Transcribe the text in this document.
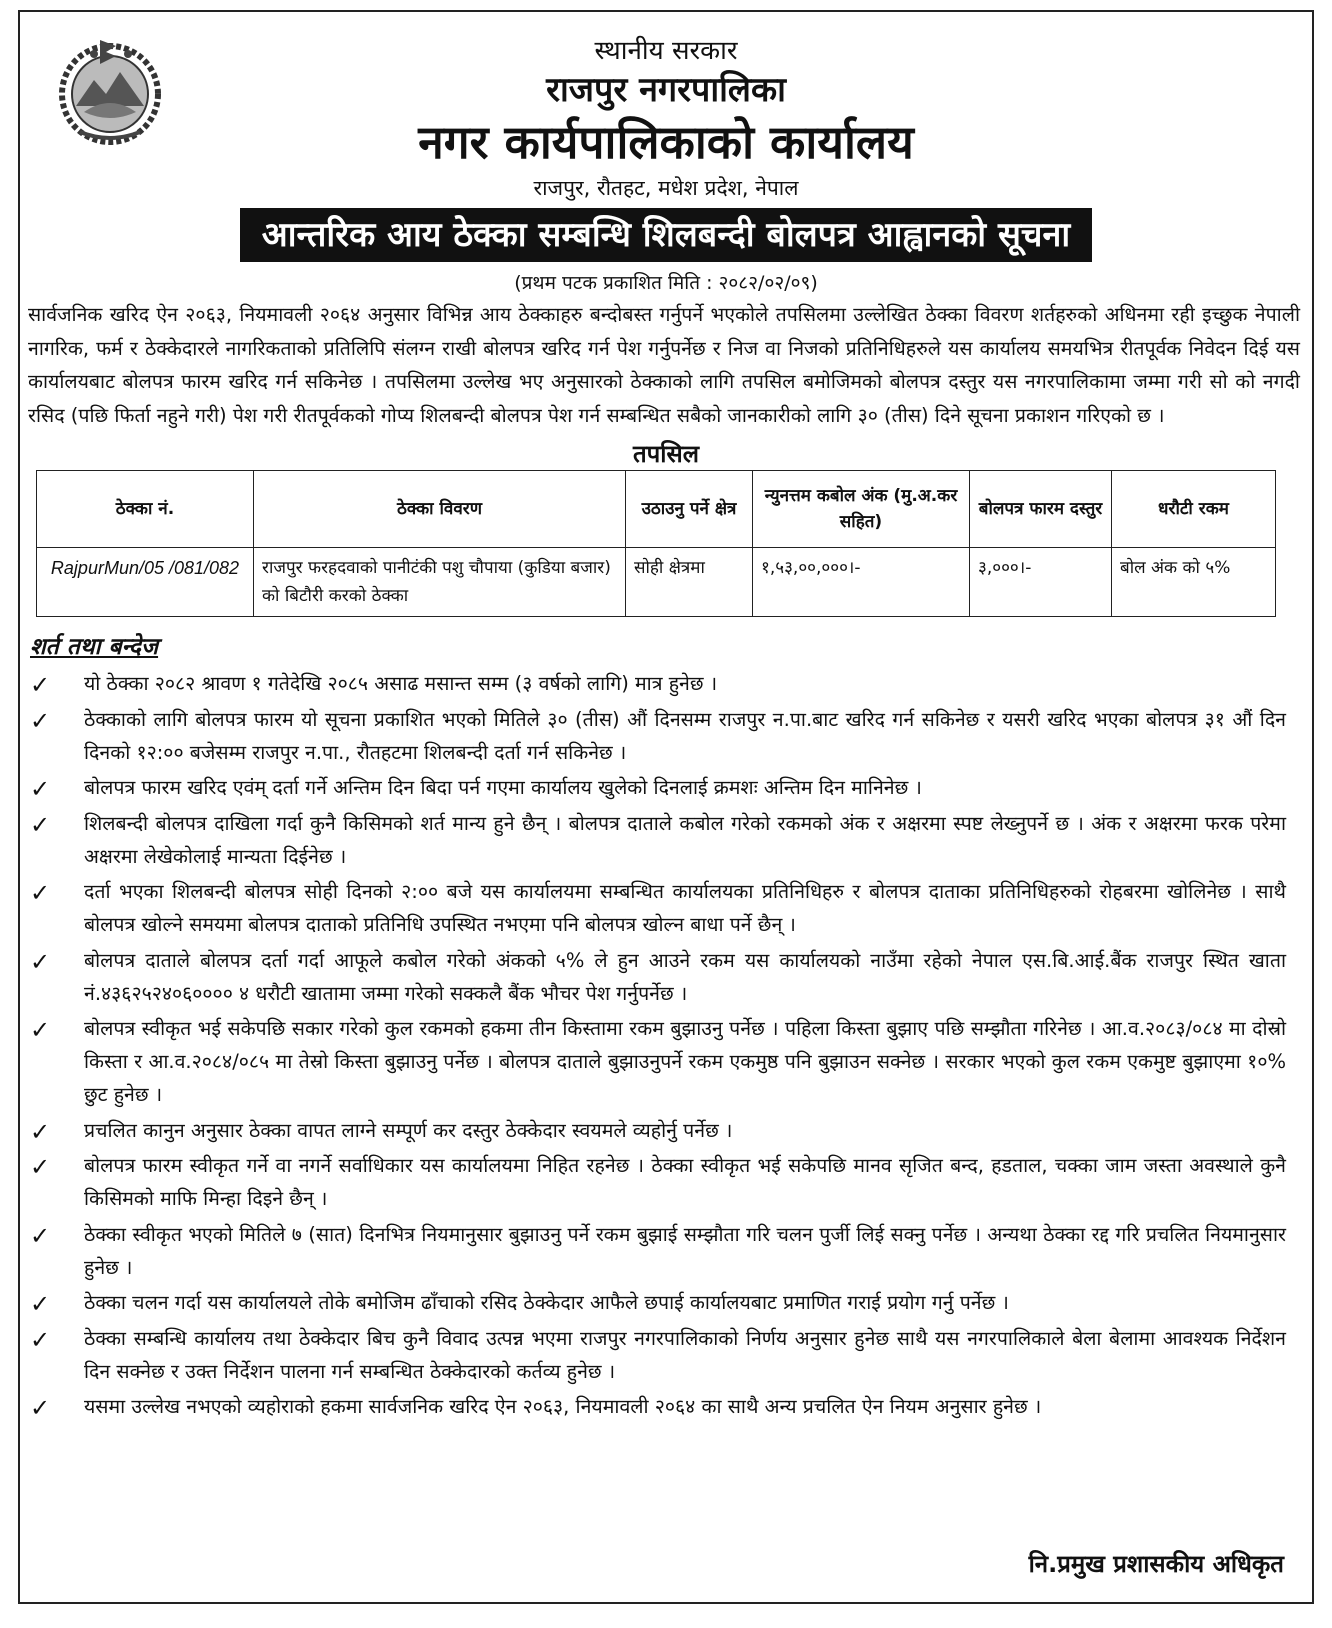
स्थानीय सरकार
राजपुर नगरपालिका
नगर कार्यपालिकाको कार्यालय
राजपुर, रौतहट, मधेश प्रदेश, नेपाल
आन्तरिक आय ठेक्का सम्बन्धि शिलबन्दी बोलपत्र आह्वानको सूचना
(प्रथम पटक प्रकाशित मिति : २०८२/०२/०९)
सार्वजनिक खरिद ऐन २०६३, नियमावली २०६४ अनुसार विभिन्न आय ठेक्काहरु बन्दोबस्त गर्नुपर्ने भएकोले तपसिलमा उल्लेखित ठेक्का विवरण शर्तहरुको अधिनमा रही इच्छुक नेपाली नागरिक, फर्म र ठेक्केदारले नागरिकताको प्रतिलिपि संलग्न राखी बोलपत्र खरिद गर्न पेश गर्नुपर्नेछ र निज वा निजको प्रतिनिधिहरुले यस कार्यालय समयभित्र रीतपूर्वक निवेदन दिई यस कार्यालयबाट बोलपत्र फारम खरिद गर्न सकिनेछ । तपसिलमा उल्लेख भए अनुसारको ठेक्काको लागि तपसिल बमोजिमको बोलपत्र दस्तुर यस नगरपालिकामा जम्मा गरी सो को नगदी रसिद (पछि फिर्ता नहुने गरी) पेश गरी रीतपूर्वकको गोप्य शिलबन्दी बोलपत्र पेश गर्न सम्बन्धित सबैको जानकारीको लागि ३० (तीस) दिने सूचना प्रकाशन गरिएको छ ।
तपसिल
ठेक्का नं.	ठेक्का विवरण	उठाउनु पर्ने क्षेत्र	न्युनत्तम कबोल अंक (मु.अ.कर सहित)	बोलपत्र फारम दस्तुर	धरौटी रकम
RajpurMun/05 /081/082	राजपुर फरहदवाको पानीटंकी पशु चौपाया (कुडिया बजार) को बिटौरी करको ठेक्का	सोही क्षेत्रमा	१,५३,००,०००।-	३,०००।-	बोल अंक को ५%
शर्त तथा बन्देज
✓ यो ठेक्का २०८२ श्रावण १ गतेदेखि २०८५ असाढ मसान्त सम्म (३ वर्षको लागि) मात्र हुनेछ ।
✓ ठेक्काको लागि बोलपत्र फारम यो सूचना प्रकाशित भएको मितिले ३० (तीस) औं दिनसम्म राजपुर न.पा.बाट खरिद गर्न सकिनेछ र यसरी खरिद भएका बोलपत्र ३१ औं दिन दिनको १२:०० बजेसम्म राजपुर न.पा., रौतहटमा शिलबन्दी दर्ता गर्न सकिनेछ ।
✓ बोलपत्र फारम खरिद एवंम् दर्ता गर्ने अन्तिम दिन बिदा पर्न गएमा कार्यालय खुलेको दिनलाई क्रमशः अन्तिम दिन मानिनेछ ।
✓ शिलबन्दी बोलपत्र दाखिला गर्दा कुनै किसिमको शर्त मान्य हुने छैन् । बोलपत्र दाताले कबोल गरेको रकमको अंक र अक्षरमा स्पष्ट लेख्नुपर्ने छ । अंक र अक्षरमा फरक परेमा अक्षरमा लेखेकोलाई मान्यता दिईनेछ ।
✓ दर्ता भएका शिलबन्दी बोलपत्र सोही दिनको २:०० बजे यस कार्यालयमा सम्बन्धित कार्यालयका प्रतिनिधिहरु र बोलपत्र दाताका प्रतिनिधिहरुको रोहबरमा खोलिनेछ । साथै बोलपत्र खोल्ने समयमा बोलपत्र दाताको प्रतिनिधि उपस्थित नभएमा पनि बोलपत्र खोल्न बाधा पर्ने छैन् ।
✓ बोलपत्र दाताले बोलपत्र दर्ता गर्दा आफूले कबोल गरेको अंकको ५% ले हुन आउने रकम यस कार्यालयको नाउँमा रहेको नेपाल एस.बि.आई.बैंक राजपुर स्थित खाता नं.४३६२५२४०६०००० ४ धरौटी खातामा जम्मा गरेको सक्कलै बैंक भौचर पेश गर्नुपर्नेछ ।
✓ बोलपत्र स्वीकृत भई सकेपछि सकार गरेको कुल रकमको हकमा तीन किस्तामा रकम बुझाउनु पर्नेछ । पहिला किस्ता बुझाए पछि सम्झौता गरिनेछ । आ.व.२०८३/०८४ मा दोस्रो किस्ता र आ.व.२०८४/०८५ मा तेस्रो किस्ता बुझाउनु पर्नेछ । बोलपत्र दाताले बुझाउनुपर्ने रकम एकमुष्ठ पनि बुझाउन सक्नेछ । सरकार भएको कुल रकम एकमुष्ट बुझाएमा १०% छुट हुनेछ ।
✓ प्रचलित कानुन अनुसार ठेक्का वापत लाग्ने सम्पूर्ण कर दस्तुर ठेक्केदार स्वयमले व्यहोर्नु पर्नेछ ।
✓ बोलपत्र फारम स्वीकृत गर्ने वा नगर्ने सर्वाधिकार यस कार्यालयमा निहित रहनेछ । ठेक्का स्वीकृत भई सकेपछि मानव सृजित बन्द, हडताल, चक्का जाम जस्ता अवस्थाले कुनै किसिमको माफि मिन्हा दिइने छैन् ।
✓ ठेक्का स्वीकृत भएको मितिले ७ (सात) दिनभित्र नियमानुसार बुझाउनु पर्ने रकम बुझाई सम्झौता गरि चलन पुर्जी लिई सक्नु पर्नेछ । अन्यथा ठेक्का रद्द गरि प्रचलित नियमानुसार हुनेछ ।
✓ ठेक्का चलन गर्दा यस कार्यालयले तोके बमोजिम ढाँचाको रसिद ठेक्केदार आफैले छपाई कार्यालयबाट प्रमाणित गराई प्रयोग गर्नु पर्नेछ ।
✓ ठेक्का सम्बन्धि कार्यालय तथा ठेक्केदार बिच कुनै विवाद उत्पन्न भएमा राजपुर नगरपालिकाको निर्णय अनुसार हुनेछ साथै यस नगरपालिकाले बेला बेलामा आवश्यक निर्देशन दिन सक्नेछ र उक्त निर्देशन पालना गर्न सम्बन्धित ठेक्केदारको कर्तव्य हुनेछ ।
✓ यसमा उल्लेख नभएको व्यहोराको हकमा सार्वजनिक खरिद ऐन २०६३, नियमावली २०६४ का साथै अन्य प्रचलित ऐन नियम अनुसार हुनेछ ।
नि.प्रमुख प्रशासकीय अधिकृत
